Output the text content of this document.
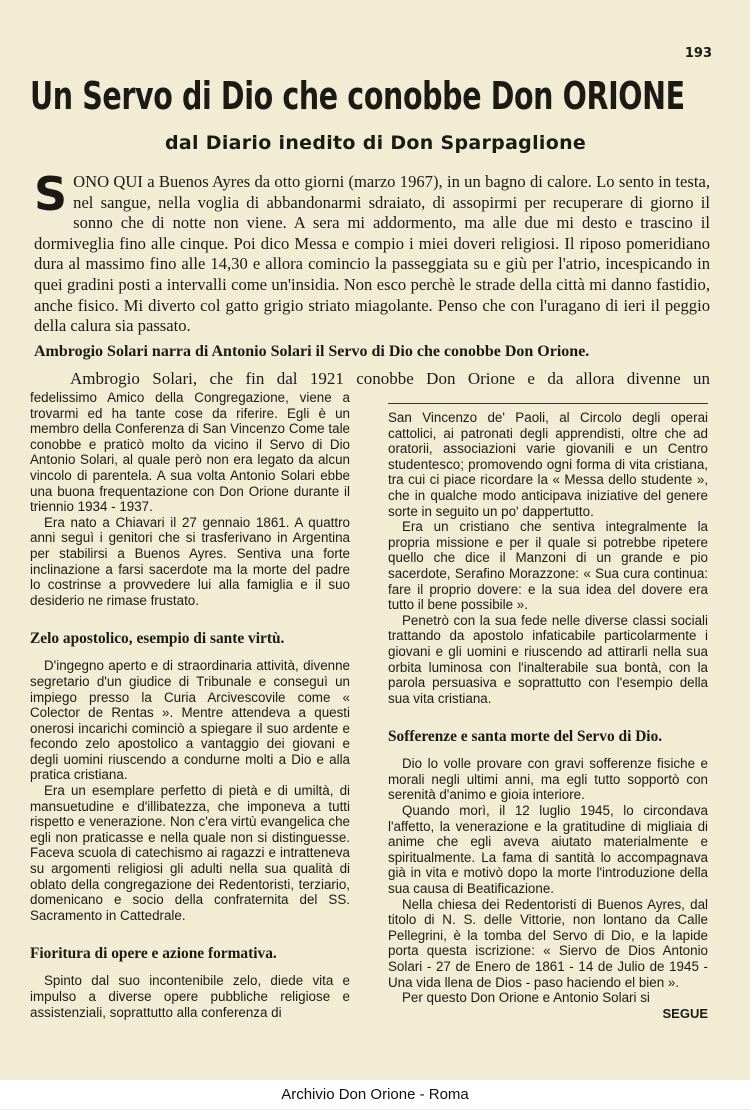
193
Un Servo di Dio che conobbe Don ORIONE
dal Diario inedito di Don Sparpaglione

SONO QUI a Buenos Ayres da otto giorni (marzo 1967), in un bagno di calore. Lo sento in testa, nel sangue, nella voglia di abbandonarmi sdraiato, di assopirmi per recuperare di giorno il sonno che di notte non viene. A sera mi addormento, ma alle due mi desto e trascino il dormiveglia fino alle cinque. Poi dico Messa e compio i miei doveri religiosi. Il riposo pomeridiano dura al massimo fino alle 14,30 e allora comincio la passeggiata su e giù per l'atrio, incespicando in quei gradini posti a intervalli come un'insidia. Non esco perchè le strade della città mi danno fastidio, anche fisico. Mi diverto col gatto grigio striato miagolante. Penso che con l'uragano di ieri il peggio della calura sia passato.

Ambrogio Solari narra di Antonio Solari il Servo di Dio che conobbe Don Orione.

Ambrogio Solari, che fin dal 1921 conobbe Don Orione e da allora divenne un

fedelissimo Amico della Congregazione, viene a trovarmi ed ha tante cose da riferire. Egli è un membro della Conferenza di San Vincenzo Come tale conobbe e praticò molto da vicino il Servo di Dio Antonio Solari, al quale però non era legato da alcun vincolo di parentela. A sua volta Antonio Solari ebbe una buona frequentazione con Don Orione durante il triennio 1934 - 1937.

Era nato a Chiavari il 27 gennaio 1861. A quattro anni seguì i genitori che si trasferivano in Argentina per stabilirsi a Buenos Ayres. Sentiva una forte inclinazione a farsi sacerdote ma la morte del padre lo costrinse a provvedere lui alla famiglia e il suo desiderio ne rimase frustato.

Zelo apostolico, esempio di sante virtù.

D'ingegno aperto e di straordinaria attività, divenne segretario d'un giudice di Tribunale e conseguì un impiego presso la Curia Arcivescovile come « Colector de Rentas ». Mentre attendeva a questi onerosi incarichi cominciò a spiegare il suo ardente e fecondo zelo apostolico a vantaggio dei giovani e degli uomini riuscendo a condurne molti a Dio e alla pratica cristiana.

Era un esemplare perfetto di pietà e di umiltà, di mansuetudine e d'illibatezza, che imponeva a tutti rispetto e venerazione. Non c'era virtù evangelica che egli non praticasse e nella quale non si distinguesse. Faceva scuola di catechismo ai ragazzi e intratteneva su argomenti religiosi gli adulti nella sua qualità di oblato della congregazione dei Redentoristi, terziario, domenicano e socio della confraternita del SS. Sacramento in Cattedrale.

Fioritura di opere e azione formativa.

Spinto dal suo incontenibile zelo, diede vita e impulso a diverse opere pubbliche religiose e assistenziali, soprattutto alla conferenza di

San Vincenzo de' Paoli, al Circolo degli operai cattolici, ai patronati degli apprendisti, oltre che ad oratorii, associazioni varie giovanili e un Centro studentesco; promovendo ogni forma di vita cristiana, tra cui ci piace ricordare la « Messa dello studente », che in qualche modo anticipava iniziative del genere sorte in seguito un po' dappertutto.

Era un cristiano che sentiva integralmente la propria missione e per il quale si potrebbe ripetere quello che dice il Manzoni di un grande e pio sacerdote, Serafino Morazzone: « Sua cura continua: fare il proprio dovere: e la sua idea del dovere era tutto il bene possibile ».

Penetrò con la sua fede nelle diverse classi sociali trattando da apostolo infaticabile particolarmente i giovani e gli uomini e riuscendo ad attirarli nella sua orbita luminosa con l'inalterabile sua bontà, con la parola persuasiva e soprattutto con l'esempio della sua vita cristiana.

Sofferenze e santa morte del Servo di Dio.

Dio lo volle provare con gravi sofferenze fisiche e morali negli ultimi anni, ma egli tutto sopportò con serenità d'animo e gioia interiore.

Quando morì, il 12 luglio 1945, lo circondava l'affetto, la venerazione e la gratitudine di migliaia di anime che egli aveva aiutato materialmente e spiritualmente. La fama di santità lo accompagnava già in vita e motivò dopo la morte l'introduzione della sua causa di Beatificazione.

Nella chiesa dei Redentoristi di Buenos Ayres, dal titolo di N. S. delle Vittorie, non lontano da Calle Pellegrini, è la tomba del Servo di Dio, e la lapide porta questa iscrizione: « Siervo de Dios Antonio Solari - 27 de Enero de 1861 - 14 de Julio de 1945 - Una vida llena de Dios - paso haciendo el bien ».

Per questo Don Orione e Antonio Solari si

SEGUE
Archivio Don Orione - Roma
